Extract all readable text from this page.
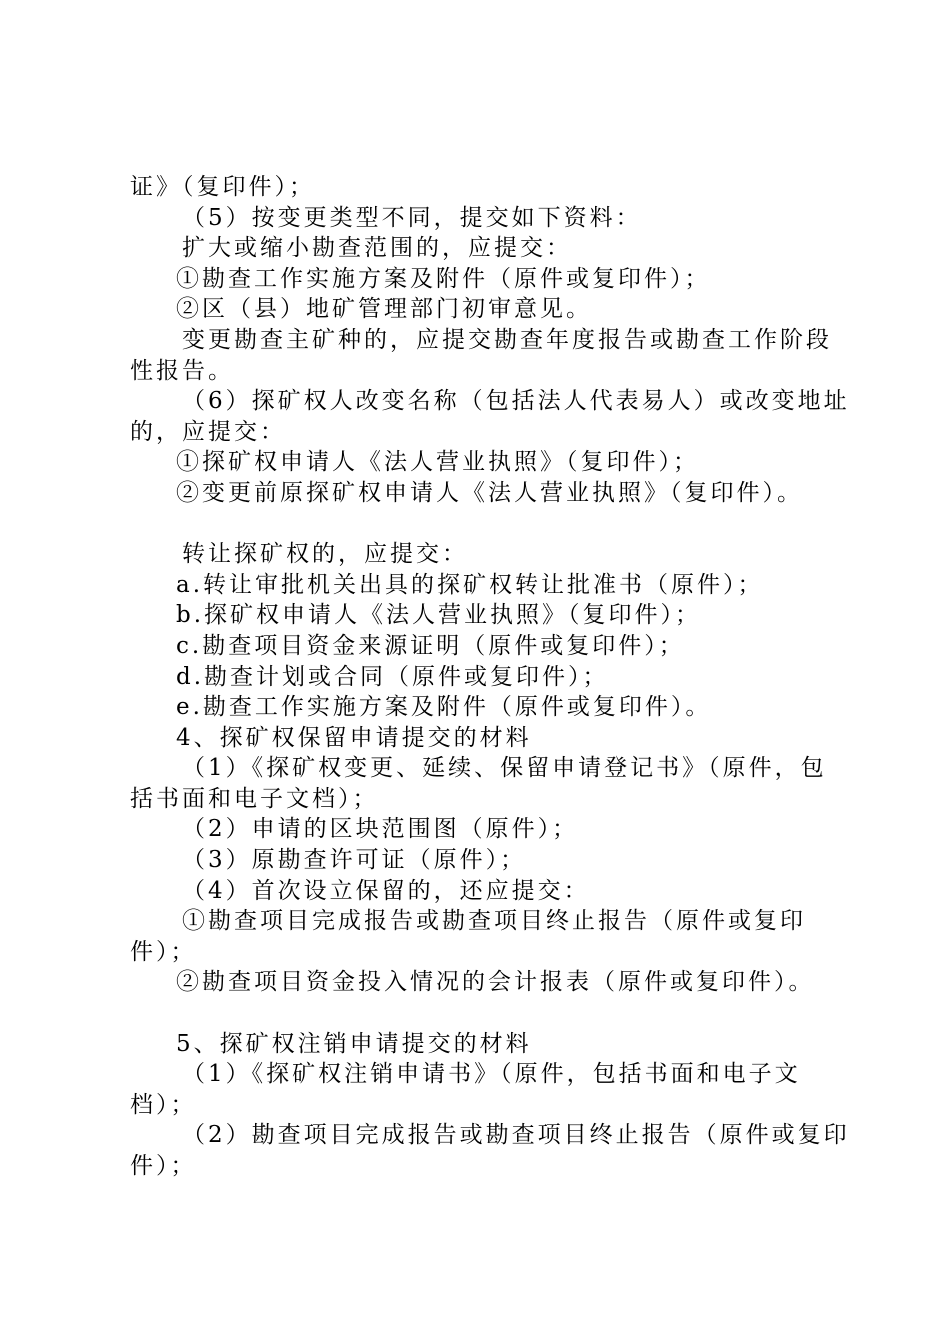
证》（复印件）；
（5）按变更类型不同，提交如下资料：
扩大或缩小勘查范围的，应提交：
①勘查工作实施方案及附件（原件或复印件）；
②区（县）地矿管理部门初审意见。
变更勘查主矿种的，应提交勘查年度报告或勘查工作阶段
性报告。
（6）探矿权人改变名称（包括法人代表易人）或改变地址
的，应提交：
①探矿权申请人《法人营业执照》（复印件）；
②变更前原探矿权申请人《法人营业执照》（复印件）。
转让探矿权的，应提交：
a.转让审批机关出具的探矿权转让批准书（原件）；
b.探矿权申请人《法人营业执照》（复印件）；
c.勘查项目资金来源证明（原件或复印件）；
d.勘查计划或合同（原件或复印件）；
e.勘查工作实施方案及附件（原件或复印件）。
4、探矿权保留申请提交的材料
（1）《探矿权变更、延续、保留申请登记书》（原件，包
括书面和电子文档）；
（2）申请的区块范围图（原件）；
（3）原勘查许可证（原件）；
（4）首次设立保留的，还应提交：
①勘查项目完成报告或勘查项目终止报告（原件或复印
件）；
②勘查项目资金投入情况的会计报表（原件或复印件）。
5、探矿权注销申请提交的材料
（1）《探矿权注销申请书》（原件，包括书面和电子文
档）；
（2）勘查项目完成报告或勘查项目终止报告（原件或复印
件）；
